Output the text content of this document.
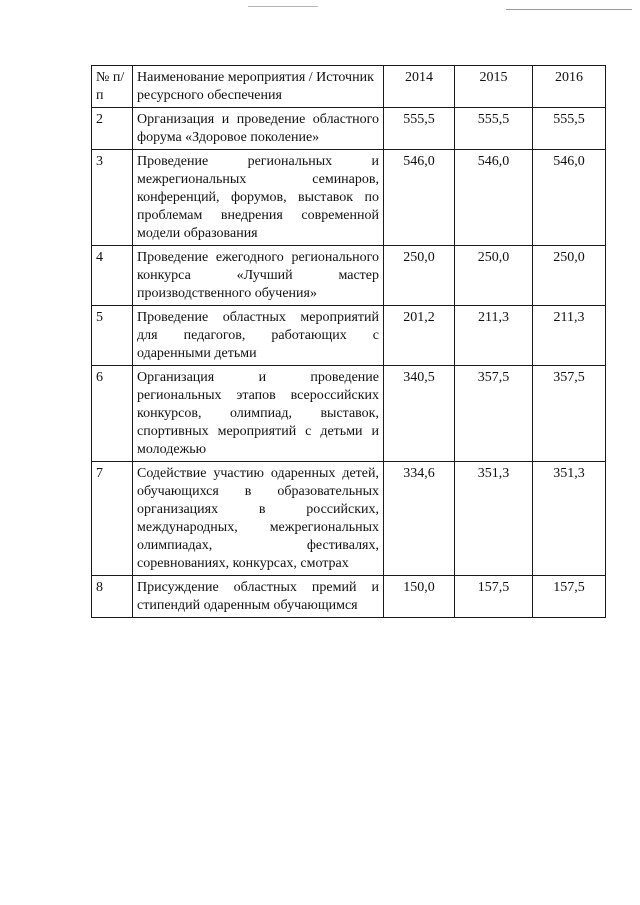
№ п/п	Наименование мероприятия / Источник ресурсного обеспечения	2014	2015	2016
2	Организация и проведение областного форума «Здоровое поколение»	555,5	555,5	555,5
3	Проведение региональных и межрегиональных семинаров, конференций, форумов, выставок по проблемам внедрения современной модели образования	546,0	546,0	546,0
4	Проведение ежегодного регионального конкурса «Лучший мастер производственного обучения»	250,0	250,0	250,0
5	Проведение областных мероприятий для педагогов, работающих с одаренными детьми	201,2	211,3	211,3
6	Организация и проведение региональных этапов всероссийских конкурсов, олимпиад, выставок, спортивных мероприятий с детьми и молодежью	340,5	357,5	357,5
7	Содействие участию одаренных детей, обучающихся в образовательных организациях в российских, международных, межрегиональных олимпиадах, фестивалях, соревнованиях, конкурсах, смотрах	334,6	351,3	351,3
8	Присуждение областных премий и стипендий одаренным обучающимся	150,0	157,5	157,5
